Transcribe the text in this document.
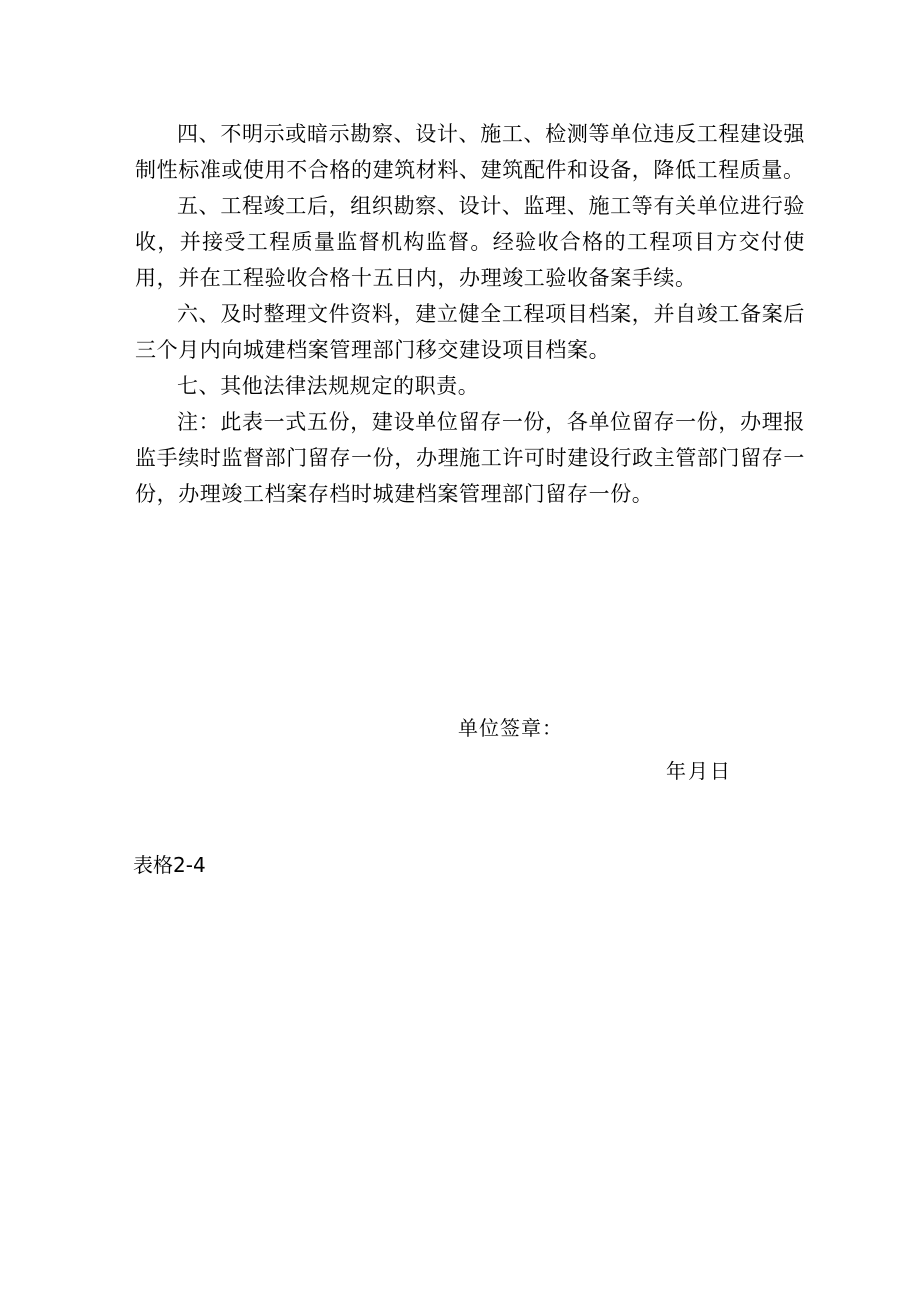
四、不明示或暗示勘察、设计、施工、检测等单位违反工程建设强制性标准或使用不合格的建筑材料、建筑配件和设备，降低工程质量。

五、工程竣工后，组织勘察、设计、监理、施工等有关单位进行验收，并接受工程质量监督机构监督。经验收合格的工程项目方交付使用，并在工程验收合格十五日内，办理竣工验收备案手续。

六、及时整理文件资料，建立健全工程项目档案，并自竣工备案后三个月内向城建档案管理部门移交建设项目档案。

七、其他法律法规规定的职责。

注：此表一式五份，建设单位留存一份，各单位留存一份，办理报监手续时监督部门留存一份，办理施工许可时建设行政主管部门留存一份，办理竣工档案存档时城建档案管理部门留存一份。

单位签章：
年月日
表格2-4
